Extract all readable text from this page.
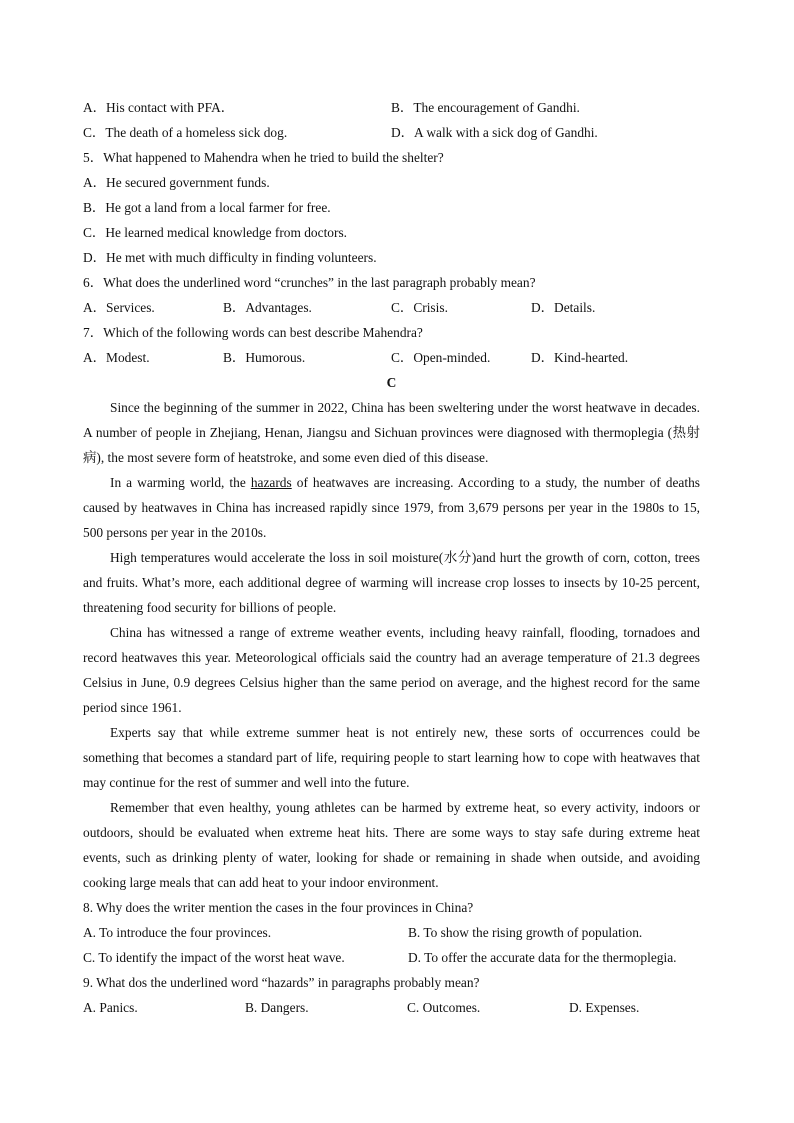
A．His contact with PFA．	B．The encouragement of Gandhi.
C．The death of a homeless sick dog.	D．A walk with a sick dog of Gandhi.
5．What happened to Mahendra when he tried to build the shelter?
A．He secured government funds.
B．He got a land from a local farmer for free.
C．He learned medical knowledge from doctors.
D．He met with much difficulty in finding volunteers.
6．What does the underlined word “crunches” in the last paragraph probably mean?
A．Services.	B．Advantages.	C．Crisis.	D．Details.
7．Which of the following words can best describe Mahendra?
A．Modest.	B．Humorous.	C．Open-minded.	D．Kind-hearted.
C

Since the beginning of the summer in 2022, China has been sweltering under the worst heatwave in decades. A number of people in Zhejiang, Henan, Jiangsu and Sichuan provinces were diagnosed with thermoplegia (热射病), the most severe form of heatstroke, and some even died of this disease.

In a warming world, the hazards of heatwaves are increasing. According to a study, the number of deaths caused by heatwaves in China has increased rapidly since 1979, from 3,679 persons per year in the 1980s to 15, 500 persons per year in the 2010s.

High temperatures would accelerate the loss in soil moisture(水分)and hurt the growth of corn, cotton, trees and fruits. What’s more, each additional degree of warming will increase crop losses to insects by 10-25 percent, threatening food security for billions of people.

China has witnessed a range of extreme weather events, including heavy rainfall, flooding, tornadoes and record heatwaves this year. Meteorological officials said the country had an average temperature of 21.3 degrees Celsius in June, 0.9 degrees Celsius higher than the same period on average, and the highest record for the same period since 1961.

Experts say that while extreme summer heat is not entirely new, these sorts of occurrences could be something that becomes a standard part of life, requiring people to start learning how to cope with heatwaves that may continue for the rest of summer and well into the future.

Remember that even healthy, young athletes can be harmed by extreme heat, so every activity, indoors or outdoors, should be evaluated when extreme heat hits. There are some ways to stay safe during extreme heat events, such as drinking plenty of water, looking for shade or remaining in shade when outside, and avoiding cooking large meals that can add heat to your indoor environment.

8. Why does the writer mention the cases in the four provinces in China?
A. To introduce the four provinces.	B. To show the rising growth of population.
C. To identify the impact of the worst heat wave.	D. To offer the accurate data for the thermoplegia.
9. What dos the underlined word “hazards” in paragraphs probably mean?
A. Panics.	B. Dangers.	C. Outcomes.	D. Expenses.
